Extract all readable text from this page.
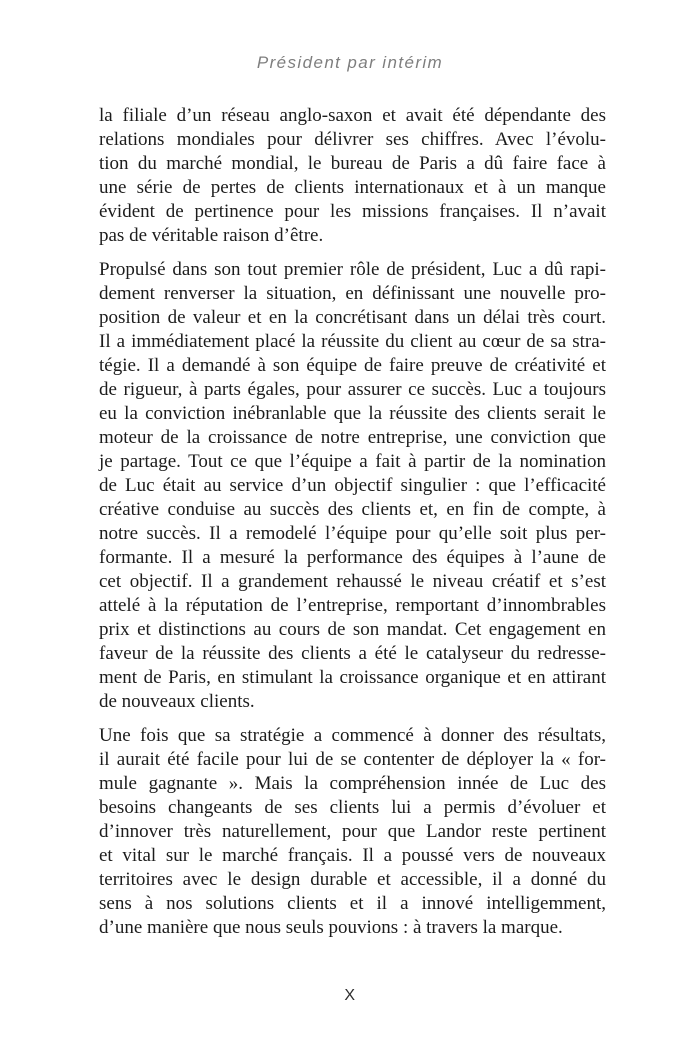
Président par intérim
la filiale d’un réseau anglo-saxon et avait été dépendante des
relations mondiales pour délivrer ses chiffres. Avec l’évolu-
tion du marché mondial, le bureau de Paris a dû faire face à
une série de pertes de clients internationaux et à un manque
évident de pertinence pour les missions françaises. Il n’avait
pas de véritable raison d’être.
Propulsé dans son tout premier rôle de président, Luc a dû rapi-
dement renverser la situation, en définissant une nouvelle pro-
position de valeur et en la concrétisant dans un délai très court.
Il a immédiatement placé la réussite du client au cœur de sa stra-
tégie. Il a demandé à son équipe de faire preuve de créativité et
de rigueur, à parts égales, pour assurer ce succès. Luc a toujours
eu la conviction inébranlable que la réussite des clients serait le
moteur de la croissance de notre entreprise, une conviction que
je partage. Tout ce que l’équipe a fait à partir de la nomination
de Luc était au service d’un objectif singulier : que l’efficacité
créative conduise au succès des clients et, en fin de compte, à
notre succès. Il a remodelé l’équipe pour qu’elle soit plus per-
formante. Il a mesuré la performance des équipes à l’aune de
cet objectif. Il a grandement rehaussé le niveau créatif et s’est
attelé à la réputation de l’entreprise, remportant d’innombrables
prix et distinctions au cours de son mandat. Cet engagement en
faveur de la réussite des clients a été le catalyseur du redresse-
ment de Paris, en stimulant la croissance organique et en attirant
de nouveaux clients.
Une fois que sa stratégie a commencé à donner des résultats,
il aurait été facile pour lui de se contenter de déployer la « for-
mule gagnante ». Mais la compréhension innée de Luc des
besoins changeants de ses clients lui a permis d’évoluer et
d’innover très naturellement, pour que Landor reste pertinent
et vital sur le marché français. Il a poussé vers de nouveaux
territoires avec le design durable et accessible, il a donné du
sens à nos solutions clients et il a innové intelligemment,
d’une manière que nous seuls pouvions : à travers la marque.
X
